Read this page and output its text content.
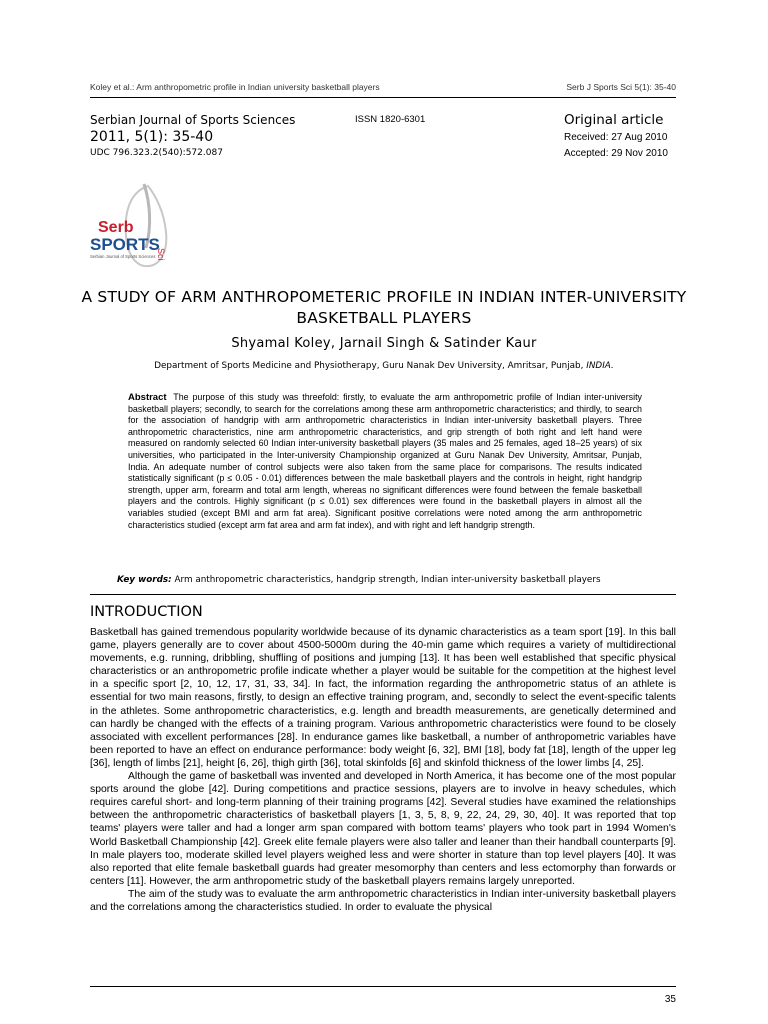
Koley et al.: Arm anthropometric profile in Indian university basketball players	Serb J Sports Sci 5(1): 35-40
Serbian Journal of Sports Sciences
2011, 5(1): 35-40
UDC 796.323.2(540):572.087
ISSN 1820-6301	Original article
Received: 27 Aug 2010
Accepted: 29 Nov 2010
Serb
SPORTS
Sci
Serbian Journal of Sports Sciences
A STUDY OF ARM ANTHROPOMETERIC PROFILE IN INDIAN INTER-UNIVERSITY BASKETBALL PLAYERS
Shyamal Koley, Jarnail Singh & Satinder Kaur
Department of Sports Medicine and Physiotherapy, Guru Nanak Dev University, Amritsar, Punjab, INDIA.
Abstract The purpose of this study was threefold: firstly, to evaluate the arm anthropometric profile of Indian inter-university basketball players; secondly, to search for the correlations among these arm anthropometric characteristics; and thirdly, to search for the association of handgrip with arm anthropometric characteristics in Indian inter-university basketball players. Three anthropometric characteristics, nine arm anthropometric characteristics, and grip strength of both right and left hand were measured on randomly selected 60 Indian inter-university basketball players (35 males and 25 females, aged 18–25 years) of six universities, who participated in the Inter-university Championship organized at Guru Nanak Dev University, Amritsar, Punjab, India. An adequate number of control subjects were also taken from the same place for comparisons. The results indicated statistically significant (p ≤ 0.05 - 0.01) differences between the male basketball players and the controls in height, right handgrip strength, upper arm, forearm and total arm length, whereas no significant differences were found between the female basketball players and the controls. Highly significant (p ≤ 0.01) sex differences were found in the basketball players in almost all the variables studied (except BMI and arm fat area). Significant positive correlations were noted among the arm anthropometric characteristics studied (except arm fat area and arm fat index), and with right and left handgrip strength.
Key words: Arm anthropometric characteristics, handgrip strength, Indian inter-university basketball players
INTRODUCTION

Basketball has gained tremendous popularity worldwide because of its dynamic characteristics as a team sport [19]. In this ball game, players generally are to cover about 4500-5000m during the 40-min game which requires a variety of multidirectional movements, e.g. running, dribbling, shuffling of positions and jumping [13]. It has been well established that specific physical characteristics or an anthropometric profile indicate whether a player would be suitable for the competition at the highest level in a specific sport [2, 10, 12, 17, 31, 33, 34]. In fact, the information regarding the anthropometric status of an athlete is essential for two main reasons, firstly, to design an effective training program, and, secondly to select the event-specific talents in the athletes. Some anthropometric characteristics, e.g. length and breadth measurements, are genetically determined and can hardly be changed with the effects of a training program. Various anthropometric characteristics were found to be closely associated with excellent performances [28]. In endurance games like basketball, a number of anthropometric variables have been reported to have an effect on endurance performance: body weight [6, 32], BMI [18], body fat [18], length of the upper leg [36], length of limbs [21], height [6, 26], thigh girth [36], total skinfolds [6] and skinfold thickness of the lower limbs [4, 25].

Although the game of basketball was invented and developed in North America, it has become one of the most popular sports around the globe [42]. During competitions and practice sessions, players are to involve in heavy schedules, which requires careful short- and long-term planning of their training programs [42]. Several studies have examined the relationships between the anthropometric characteristics of basketball players [1, 3, 5, 8, 9, 22, 24, 29, 30, 40]. It was reported that top teams' players were taller and had a longer arm span compared with bottom teams' players who took part in 1994 Women's World Basketball Championship [42]. Greek elite female players were also taller and leaner than their handball counterparts [9]. In male players too, moderate skilled level players weighed less and were shorter in stature than top level players [40]. It was also reported that elite female basketball guards had greater mesomorphy than centers and less ectomorphy than forwards or centers [11]. However, the arm anthropometric study of the basketball players remains largely unreported.

The aim of the study was to evaluate the arm anthropometric characteristics in Indian inter-university basketball players and the correlations among the characteristics studied. In order to evaluate the physical

35
